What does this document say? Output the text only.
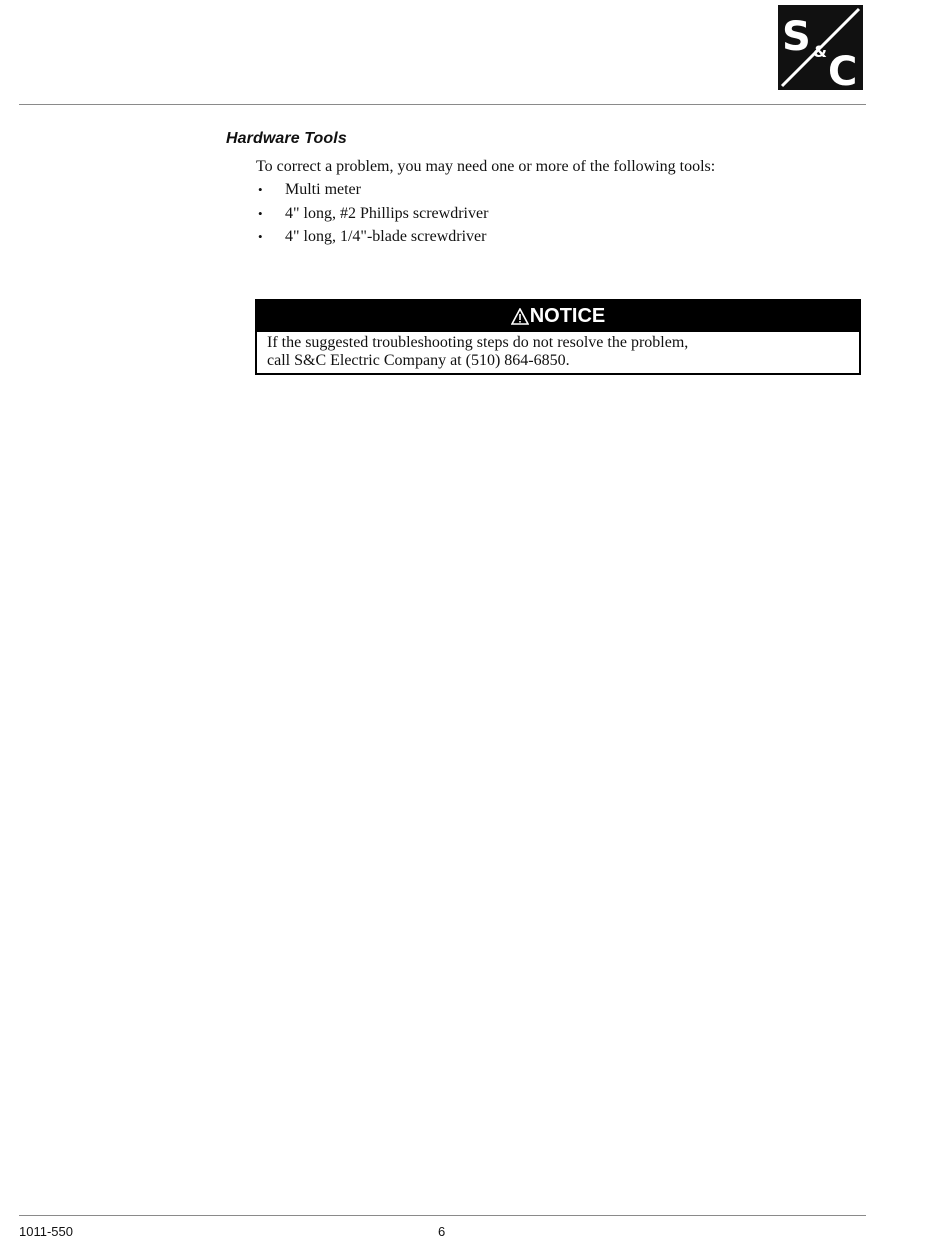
S & C
Hardware Tools
To correct a problem, you may need one or more of the following tools:
•	Multi meter
•	4" long, #2 Phillips screwdriver
•	4" long, 1/4"-blade screwdriver
NOTICE
If the suggested troubleshooting steps do not resolve the problem,
call S&C Electric Company at (510) 864-6850.
1011-550	6
